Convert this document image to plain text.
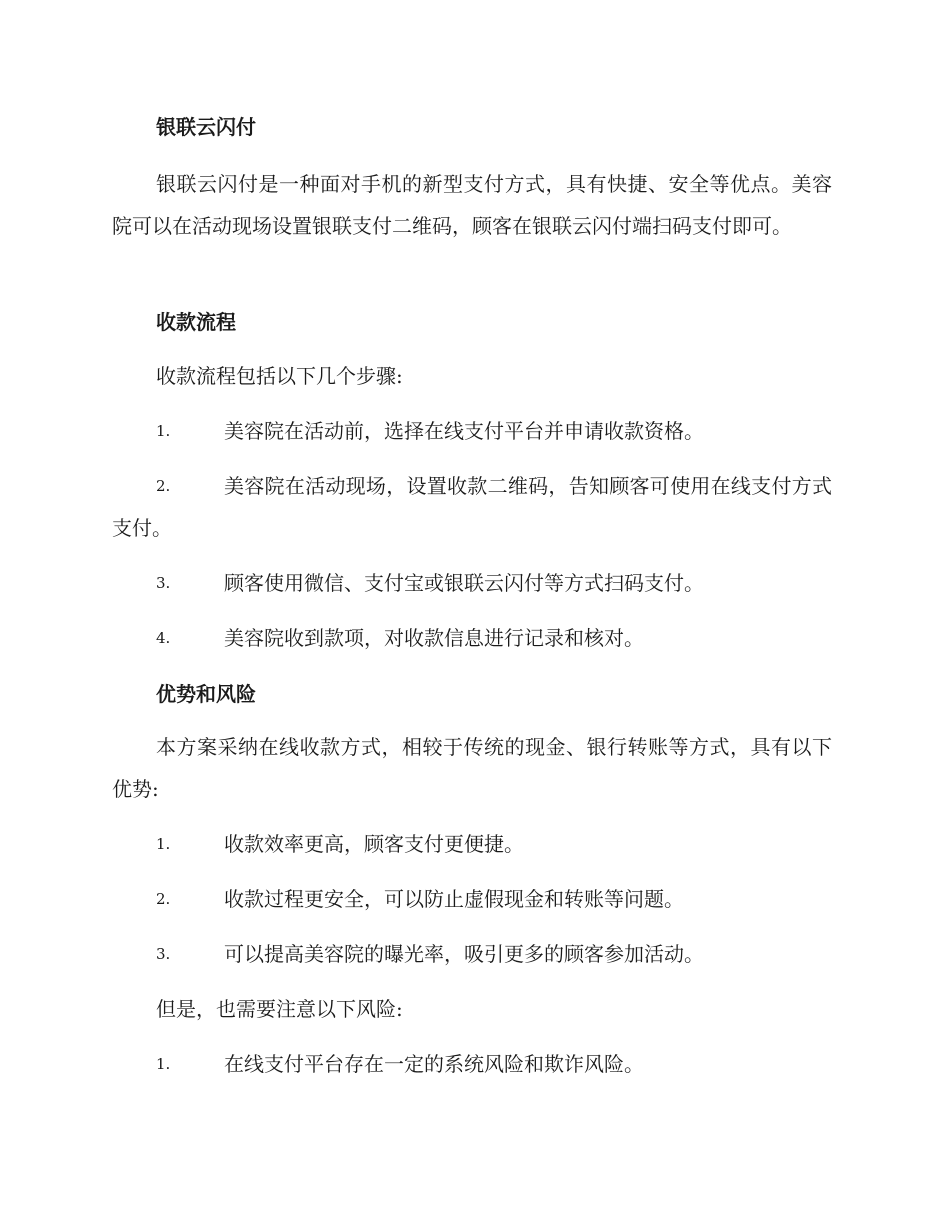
银联云闪付
银联云闪付是一种面对手机的新型支付方式，具有快捷、安全等优点。美容院可以在活动现场设置银联支付二维码，顾客在银联云闪付端扫码支付即可。
收款流程
收款流程包括以下几个步骤:
1.	美容院在活动前，选择在线支付平台并申请收款资格。
2.	美容院在活动现场，设置收款二维码，告知顾客可使用在线支付方式支付。
3.	顾客使用微信、支付宝或银联云闪付等方式扫码支付。
4.	美容院收到款项，对收款信息进行记录和核对。
优势和风险
本方案采纳在线收款方式，相较于传统的现金、银行转账等方式，具有以下优势:
1.	收款效率更高，顾客支付更便捷。
2.	收款过程更安全，可以防止虚假现金和转账等问题。
3.	可以提高美容院的曝光率，吸引更多的顾客参加活动。
但是，也需要注意以下风险:
1.	在线支付平台存在一定的系统风险和欺诈风险。
